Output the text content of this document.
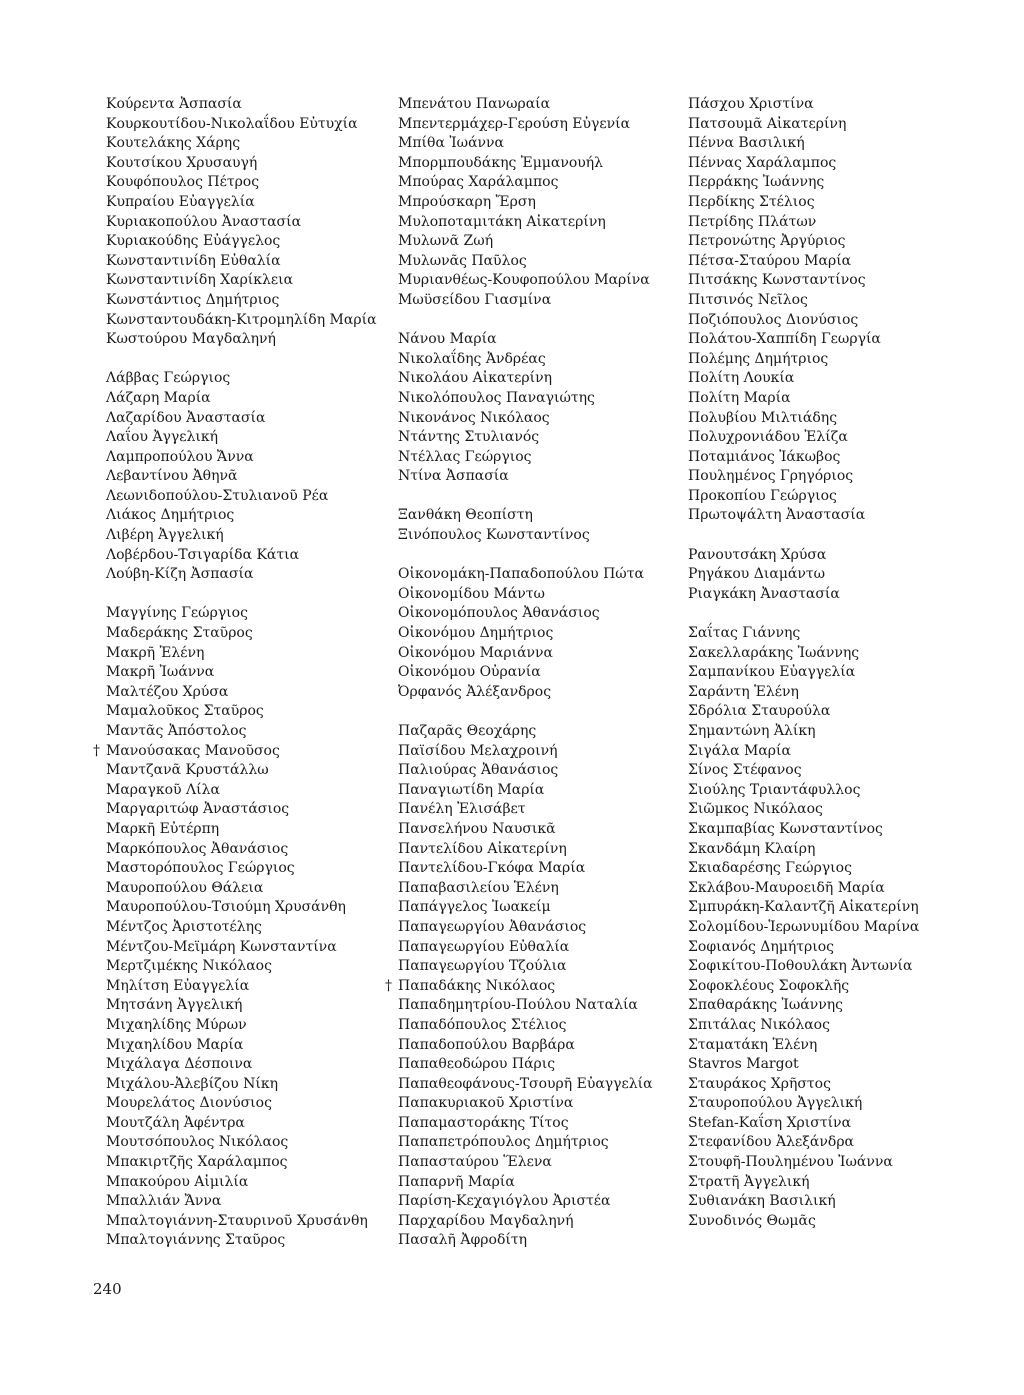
Κούρεντα Ἀσπασία
Κουρκουτίδου-Νικολαΐδου Εὐτυχία
Κουτελάκης Χάρης
Κουτσίκου Χρυσαυγή
Κουφόπουλος Πέτρος
Κυπραίου Εὐαγγελία
Κυριακοπούλου Ἀναστασία
Κυριακούδης Εὐάγγελος
Κωνσταντινίδη Εὐθαλία
Κωνσταντινίδη Χαρίκλεια
Κωνστάντιος Δημήτριος
Κωνσταντουδάκη-Κιτρομηλίδη Μαρία
Κωστούρου Μαγδαληνή
Λάββας Γεώργιος
Λάζαρη Μαρία
Λαζαρίδου Ἀναστασία
Λαΐου Ἀγγελική
Λαμπροπούλου Ἄννα
Λεβαντίνου Ἀθηνᾶ
Λεωνιδοπούλου-Στυλιανοῦ Ρέα
Λιάκος Δημήτριος
Λιβέρη Ἀγγελική
Λοβέρδου-Τσιγαρίδα Κάτια
Λούβη-Κίζη Ἀσπασία
Μαγγίνης Γεώργιος
Μαδεράκης Σταῦρος
Μακρῆ Ἑλένη
Μακρῆ Ἰωάννα
Μαλτέζου Χρύσα
Μαμαλοῦκος Σταῦρος
Μαντᾶς Ἀπόστολος
† Μανούσακας Μανοῦσος
Μαντζανᾶ Κρυστάλλω
Μαραγκοῦ Λίλα
Μαργαριτώφ Ἀναστάσιος
Μαρκῆ Εὐτέρπη
Μαρκόπουλος Ἀθανάσιος
Μαστορόπουλος Γεώργιος
Μαυροπούλου Θάλεια
Μαυροπούλου-Τσιούμη Χρυσάνθη
Μέντζος Ἀριστοτέλης
Μέντζου-Μεϊμάρη Κωνσταντίνα
Μερτζιμέκης Νικόλαος
Μηλίτση Εὐαγγελία
Μητσάνη Ἀγγελική
Μιχαηλίδης Μύρων
Μιχαηλίδου Μαρία
Μιχάλαγα Δέσποινα
Μιχάλου-Ἀλεβίζου Νίκη
Μουρελάτος Διονύσιος
Μουτζάλη Ἀφέντρα
Μουτσόπουλος Νικόλαος
Μπακιρτζῆς Χαράλαμπος
Μπακούρου Αἰμιλία
Μπαλλιάν Ἄννα
Μπαλτογιάννη-Σταυρινοῦ Χρυσάνθη
Μπαλτογιάννης Σταῦρος
Μπενάτου Πανωραία
Μπεντερμάχερ-Γερούση Εὐγενία
Μπίθα Ἰωάννα
Μπορμπουδάκης Ἐμμανουήλ
Μπούρας Χαράλαμπος
Μπρούσκαρη Ἔρση
Μυλοποταμιτάκη Αἰκατερίνη
Μυλωνᾶ Ζωή
Μυλωνᾶς Παῦλος
Μυριανθέως-Κουφοπούλου Μαρίνα
Μωϋσείδου Γιασμίνα
Νάνου Μαρία
Νικολαΐδης Ἀνδρέας
Νικολάου Αἰκατερίνη
Νικολόπουλος Παναγιώτης
Νικονάνος Νικόλαος
Ντάντης Στυλιανός
Ντέλλας Γεώργιος
Ντίνα Ἀσπασία
Ξανθάκη Θεοπίστη
Ξινόπουλος Κωνσταντίνος
Οἰκονομάκη-Παπαδοπούλου Πώτα
Οἰκονομίδου Μάντω
Οἰκονομόπουλος Ἀθανάσιος
Οἰκονόμου Δημήτριος
Οἰκονόμου Μαριάννα
Οἰκονόμου Οὐρανία
Ὀρφανός Ἀλέξανδρος
Παζαρᾶς Θεοχάρης
Παϊσίδου Μελαχροινή
Παλιούρας Ἀθανάσιος
Παναγιωτίδη Μαρία
Πανέλη Ἐλισάβετ
Πανσελήνου Ναυσικᾶ
Παντελίδου Αἰκατερίνη
Παντελίδου-Γκόφα Μαρία
Παπαβασιλείου Ἑλένη
Παπάγγελος Ἰωακείμ
Παπαγεωργίου Ἀθανάσιος
Παπαγεωργίου Εὐθαλία
Παπαγεωργίου Τζούλια
† Παπαδάκης Νικόλαος
Παπαδημητρίου-Πούλου Ναταλία
Παπαδόπουλος Στέλιος
Παπαδοπούλου Βαρβάρα
Παπαθεοδώρου Πάρις
Παπαθεοφάνους-Τσουρῆ Εὐαγγελία
Παπακυριακοῦ Χριστίνα
Παπαμαστοράκης Τίτος
Παπαπετρόπουλος Δημήτριος
Παπασταύρου Ἕλενα
Παπαρνῆ Μαρία
Παρίση-Κεχαγιόγλου Ἀριστέα
Παρχαρίδου Μαγδαληνή
Πασαλῆ Ἀφροδίτη
Πάσχου Χριστίνα
Πατσουμᾶ Αἰκατερίνη
Πέννα Βασιλική
Πέννας Χαράλαμπος
Περράκης Ἰωάννης
Περδίκης Στέλιος
Πετρίδης Πλάτων
Πετρονώτης Ἀργύριος
Πέτσα-Σταύρου Μαρία
Πιτσάκης Κωνσταντίνος
Πιτσινός Νεῖλος
Ποζιόπουλος Διονύσιος
Πολάτου-Χαππίδη Γεωργία
Πολέμης Δημήτριος
Πολίτη Λουκία
Πολίτη Μαρία
Πολυβίου Μιλτιάδης
Πολυχρονιάδου Ἐλίζα
Ποταμιάνος Ἰάκωβος
Πουλημένος Γρηγόριος
Προκοπίου Γεώργιος
Πρωτοψάλτη Ἀναστασία
Ρανουτσάκη Χρύσα
Ρηγάκου Διαμάντω
Ριαγκάκη Ἀναστασία
Σαΐτας Γιάννης
Σακελλαράκης Ἰωάννης
Σαμπανίκου Εὐαγγελία
Σαράντη Ἑλένη
Σδρόλια Σταυρούλα
Σημαντώνη Ἀλίκη
Σιγάλα Μαρία
Σίνος Στέφανος
Σιούλης Τριαντάφυλλος
Σιῶμκος Νικόλαος
Σκαμπαβίας Κωνσταντίνος
Σκανδάμη Κλαίρη
Σκιαδαρέσης Γεώργιος
Σκλάβου-Μαυροειδῆ Μαρία
Σμπυράκη-Καλαντζῆ Αἰκατερίνη
Σολομίδου-Ἱερωνυμίδου Μαρίνα
Σοφιανός Δημήτριος
Σοφικίτου-Ποθουλάκη Ἀντωνία
Σοφοκλέους Σοφοκλῆς
Σπαθαράκης Ἰωάννης
Σπιτάλας Νικόλαος
Σταματάκη Ἑλένη
Stavros Margot
Σταυράκος Χρῆστος
Σταυροπούλου Ἀγγελική
Stefan-Καΐση Χριστίνα
Στεφανίδου Ἀλεξάνδρα
Στουφῆ-Πουλημένου Ἰωάννα
Στρατῆ Ἀγγελική
Συθιανάκη Βασιλική
Συνοδινός Θωμᾶς
240
